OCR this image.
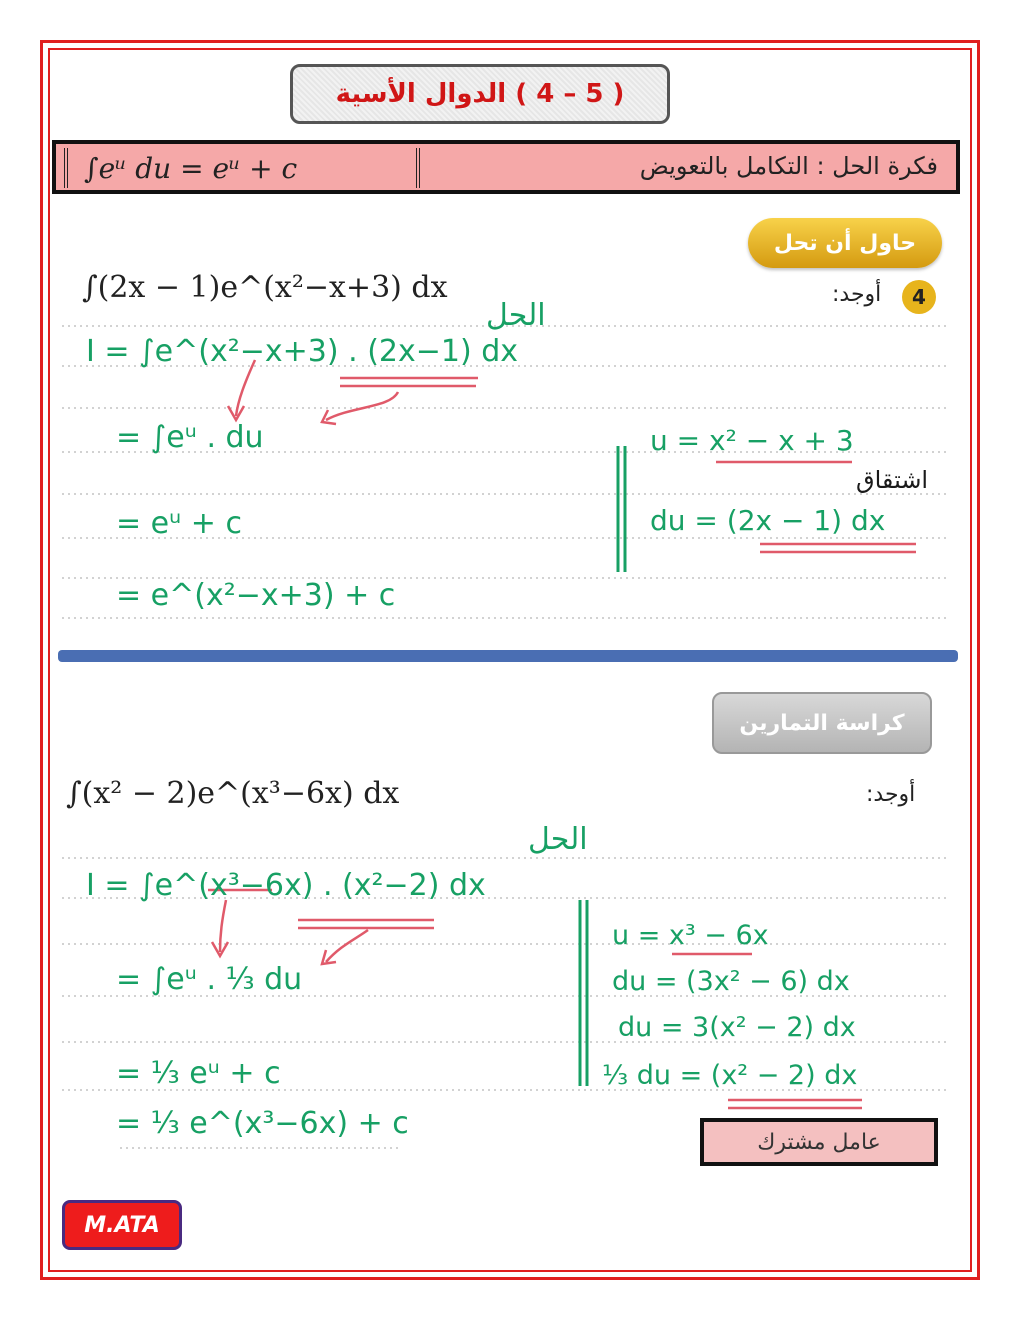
( 5 – 4 ) الدوال الأسية
∫eᵘ du = eᵘ + c	فكرة الحل : التكامل بالتعويض
حاول أن تحل
4
أوجد:
∫(2x − 1)e^(x²−x+3) dx
الحل
I = ∫e^(x²−x+3) . (2x−1) dx
= ∫eᵘ . du
= eᵘ + c
= e^(x²−x+3) + c
u = x² − x + 3
اشتقاق
du = (2x − 1) dx
كراسة التمارين
أوجد:
∫(x² − 2)e^(x³−6x) dx
الحل
I = ∫e^(x³−6x) . (x²−2) dx
= ∫eᵘ . ⅓ du
= ⅓ eᵘ + c
= ⅓ e^(x³−6x) + c
u = x³ − 6x
du = (3x² − 6) dx
du = 3(x² − 2) dx
⅓ du = (x² − 2) dx
عامل مشترك
M.ATA
